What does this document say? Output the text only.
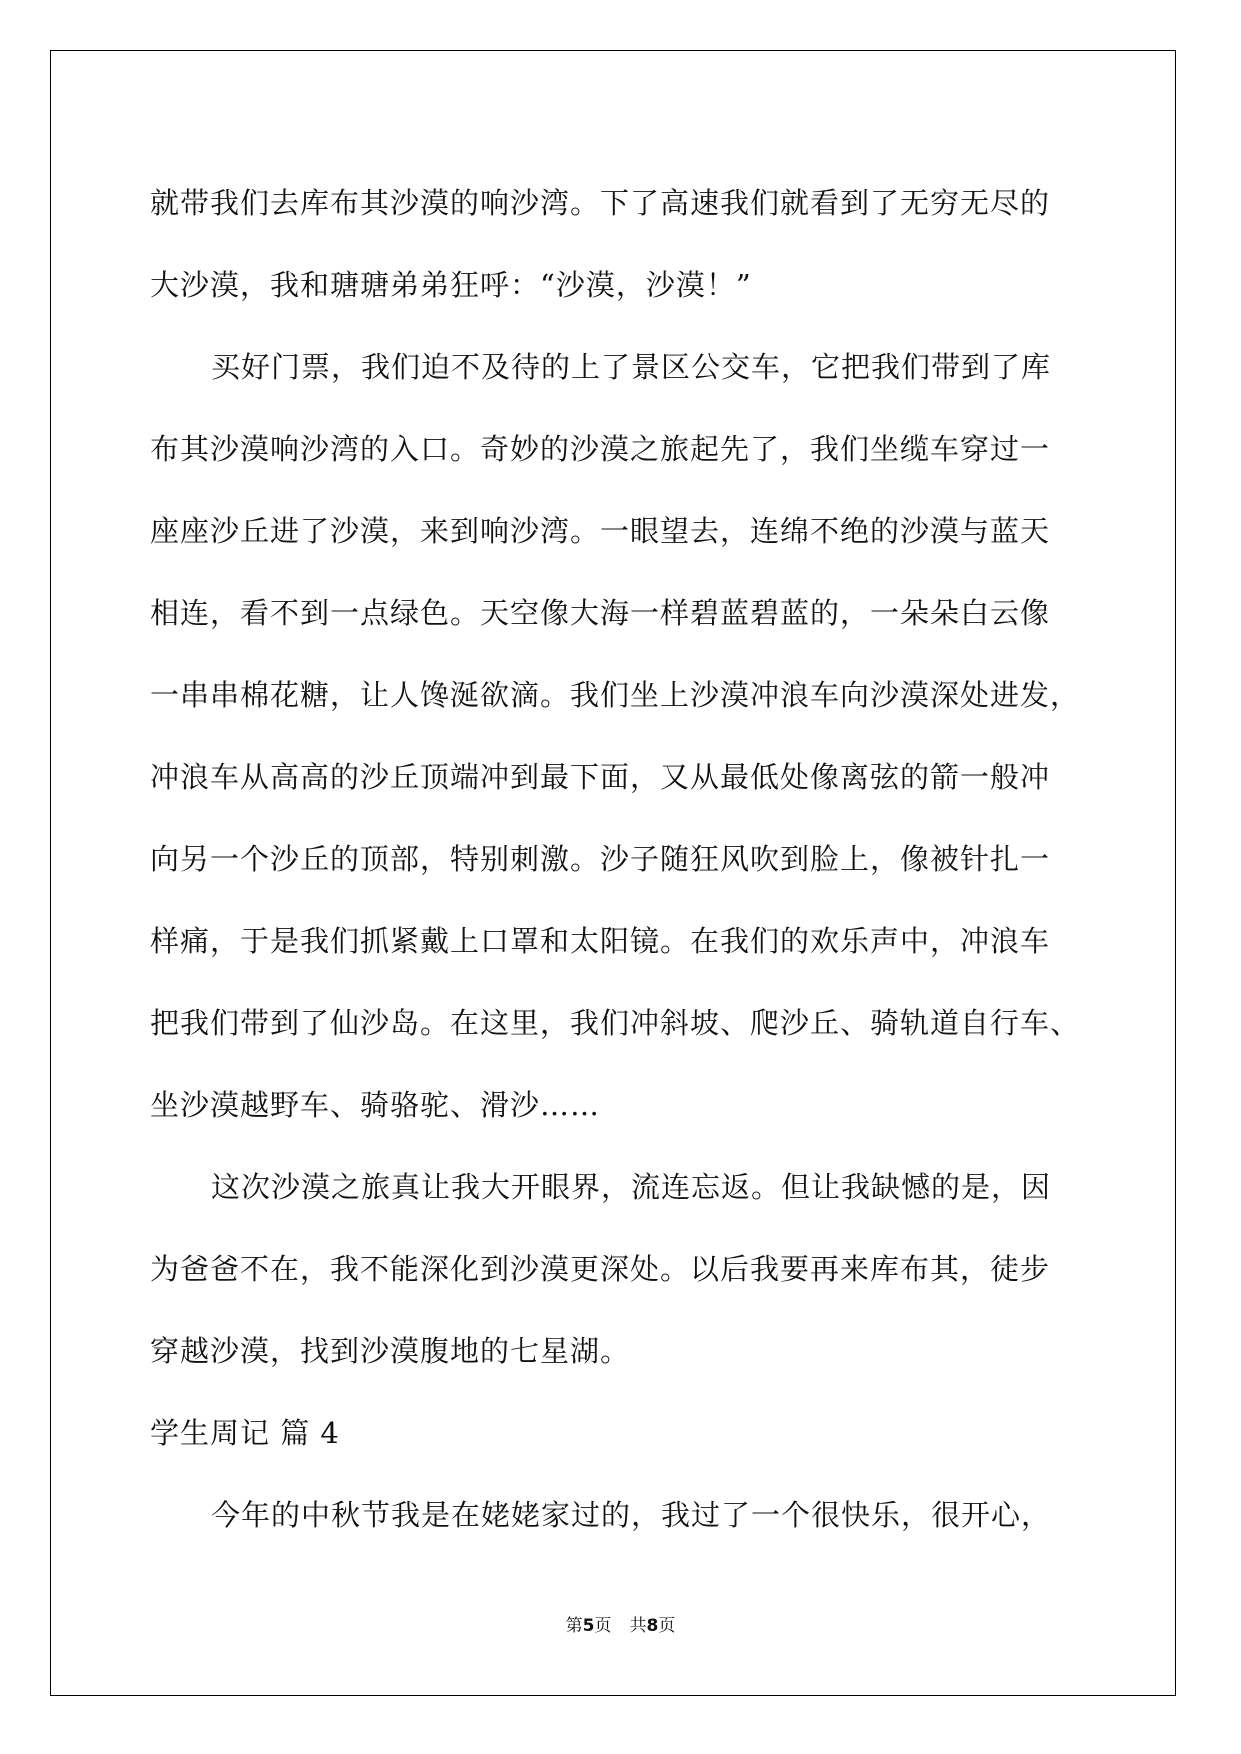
就带我们去库布其沙漠的响沙湾。下了高速我们就看到了无穷无尽的
大沙漠，我和瑭瑭弟弟狂呼：“沙漠，沙漠！”
买好门票，我们迫不及待的上了景区公交车，它把我们带到了库
布其沙漠响沙湾的入口。奇妙的沙漠之旅起先了，我们坐缆车穿过一
座座沙丘进了沙漠，来到响沙湾。一眼望去，连绵不绝的沙漠与蓝天
相连，看不到一点绿色。天空像大海一样碧蓝碧蓝的，一朵朵白云像
一串串棉花糖，让人馋涎欲滴。我们坐上沙漠冲浪车向沙漠深处进发，
冲浪车从高高的沙丘顶端冲到最下面，又从最低处像离弦的箭一般冲
向另一个沙丘的顶部，特别刺激。沙子随狂风吹到脸上，像被针扎一
样痛，于是我们抓紧戴上口罩和太阳镜。在我们的欢乐声中，冲浪车
把我们带到了仙沙岛。在这里，我们冲斜坡、爬沙丘、骑轨道自行车、
坐沙漠越野车、骑骆驼、滑沙……
这次沙漠之旅真让我大开眼界，流连忘返。但让我缺憾的是，因
为爸爸不在，我不能深化到沙漠更深处。以后我要再来库布其，徒步
穿越沙漠，找到沙漠腹地的七星湖。
学生周记 篇 4
今年的中秋节我是在姥姥家过的，我过了一个很快乐，很开心，
第5页 共8页
